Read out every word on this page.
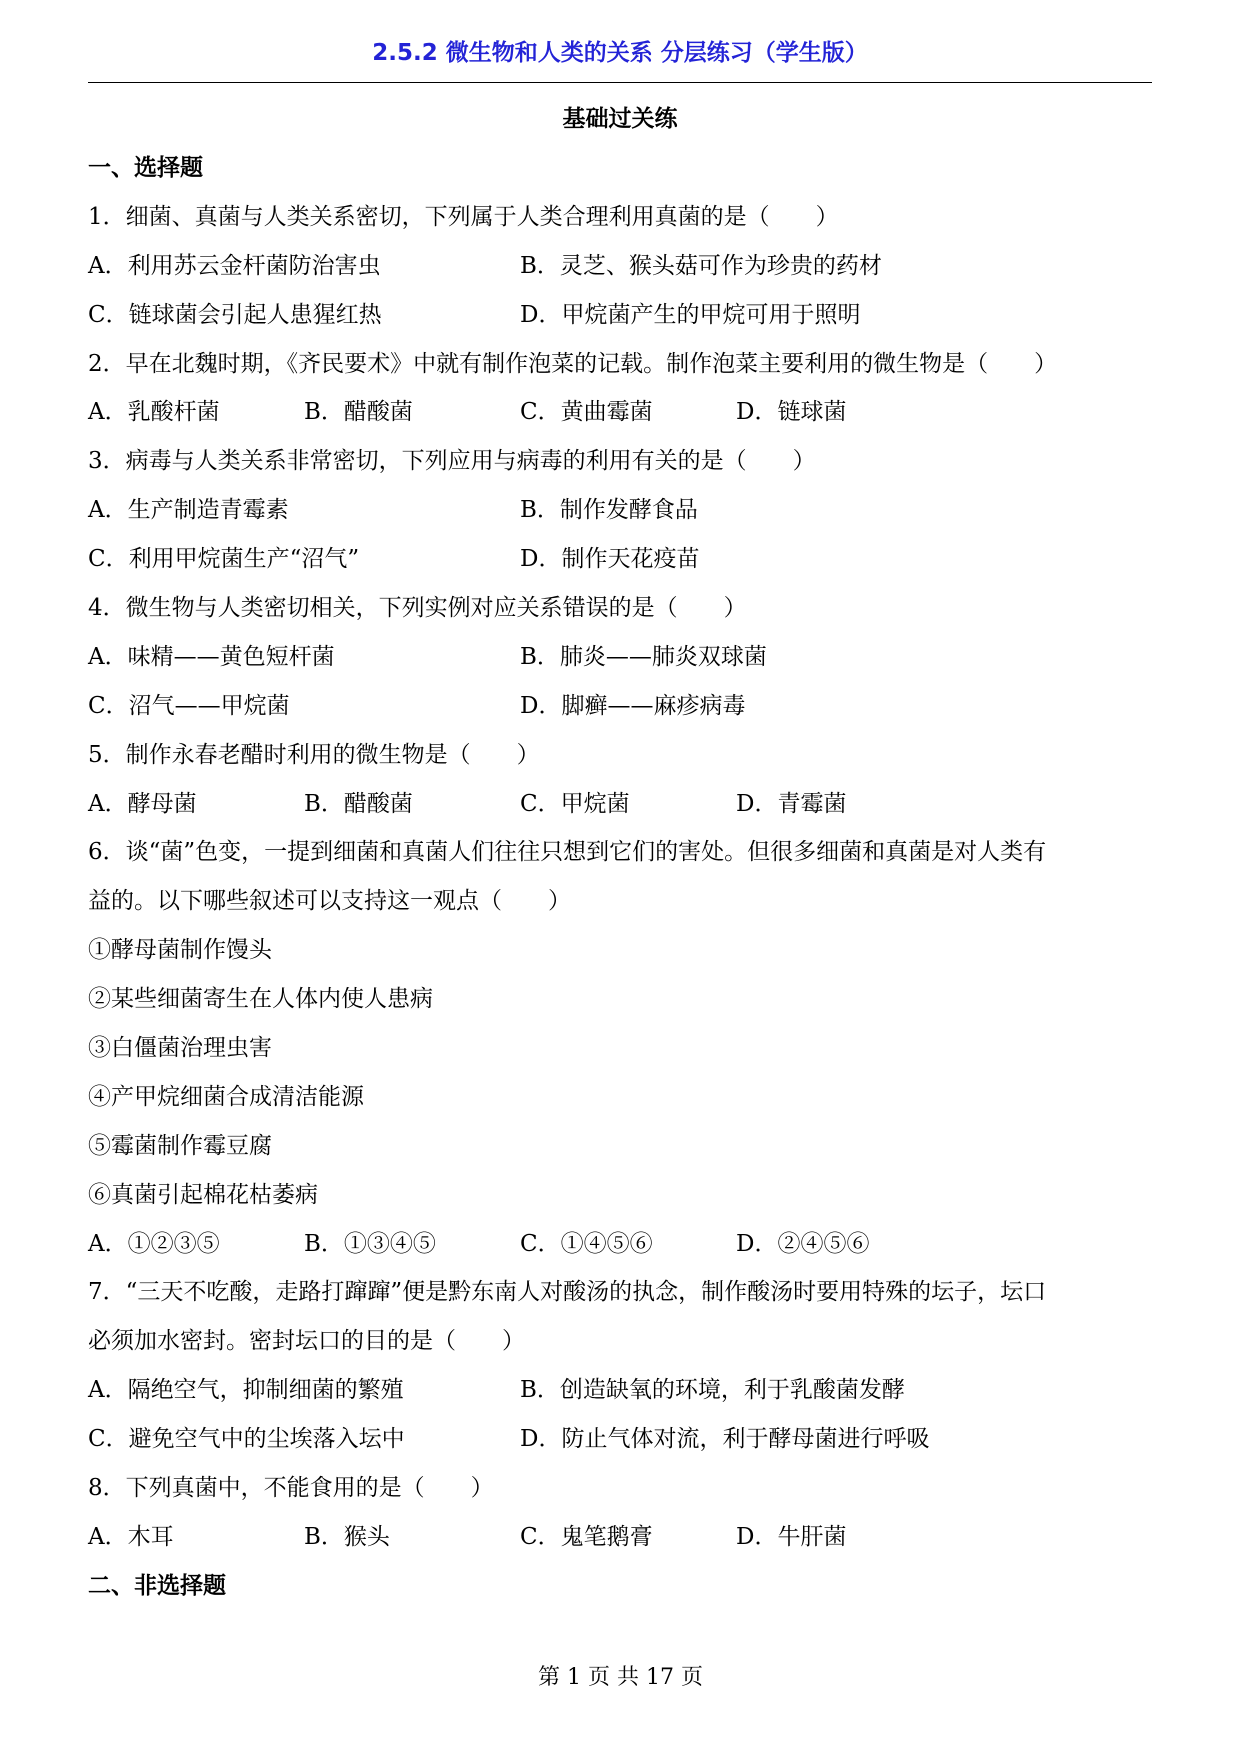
2.5.2 微生物和人类的关系 分层练习（学生版）
基础过关练
一、选择题
1．细菌、真菌与人类关系密切，下列属于人类合理利用真菌的是（　　）
A．利用苏云金杆菌防治害虫	B．灵芝、猴头菇可作为珍贵的药材
C．链球菌会引起人患猩红热	D．甲烷菌产生的甲烷可用于照明
2．早在北魏时期，《齐民要术》中就有制作泡菜的记载。制作泡菜主要利用的微生物是（　　）
A．乳酸杆菌	B．醋酸菌	C．黄曲霉菌	D．链球菌
3．病毒与人类关系非常密切，下列应用与病毒的利用有关的是（　　）
A．生产制造青霉素	B．制作发酵食品
C．利用甲烷菌生产“沼气”	D．制作天花疫苗
4．微生物与人类密切相关，下列实例对应关系错误的是（　　）
A．味精——黄色短杆菌	B．肺炎——肺炎双球菌
C．沼气——甲烷菌	D．脚癣——麻疹病毒
5．制作永春老醋时利用的微生物是（　　）
A．酵母菌	B．醋酸菌	C．甲烷菌	D．青霉菌
6．谈“菌”色变，一提到细菌和真菌人们往往只想到它们的害处。但很多细菌和真菌是对人类有
益的。以下哪些叙述可以支持这一观点（　　）
①酵母菌制作馒头
②某些细菌寄生在人体内使人患病
③白僵菌治理虫害
④产甲烷细菌合成清洁能源
⑤霉菌制作霉豆腐
⑥真菌引起棉花枯萎病
A．①②③⑤	B．①③④⑤	C．①④⑤⑥	D．②④⑤⑥
7．“三天不吃酸，走路打蹿蹿”便是黔东南人对酸汤的执念，制作酸汤时要用特殊的坛子，坛口
必须加水密封。密封坛口的目的是（　　）
A．隔绝空气，抑制细菌的繁殖	B．创造缺氧的环境，利于乳酸菌发酵
C．避免空气中的尘埃落入坛中	D．防止气体对流，利于酵母菌进行呼吸
8．下列真菌中，不能食用的是（　　）
A．木耳	B．猴头	C．鬼笔鹅膏	D．牛肝菌
二、非选择题
第 1 页 共 17 页
